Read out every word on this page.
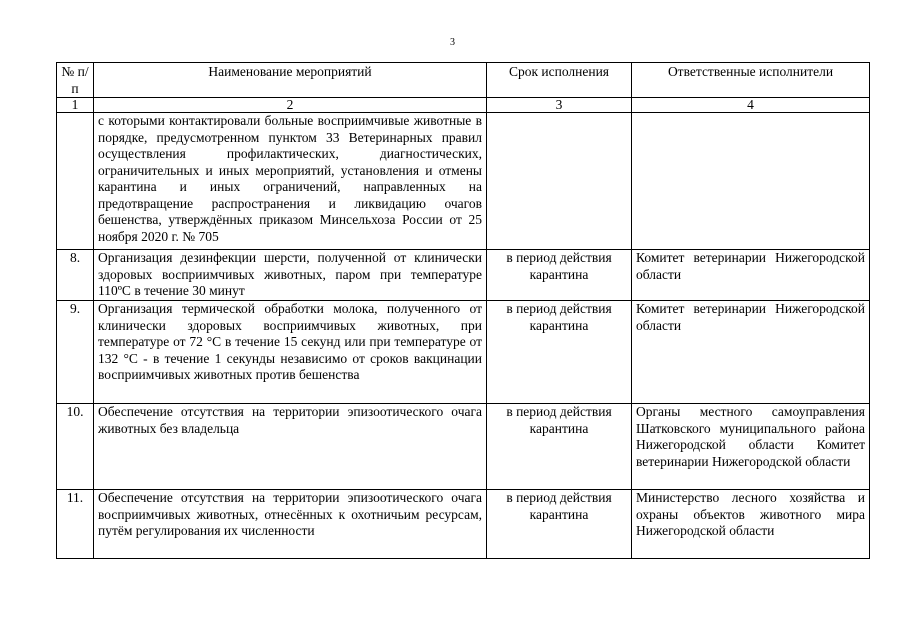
3
№ п/п	Наименование мероприятий	Срок исполнения	Ответственные исполнители
1	2	3	4
	с которыми контактировали больные восприимчивые животные в порядке, предусмотренном пунктом 33 Ветеринарных правил осуществления профилактических, диагностических, ограничительных и иных мероприятий, установления и отмены карантина и иных ограничений, направленных на предотвращение распространения и ликвидацию очагов бешенства, утверждённых приказом Минсельхоза России от 25 ноября 2020 г. № 705		
8.	Организация дезинфекции шерсти, полученной от клинически здоровых восприимчивых животных, паром при температуре 110ºС в течение 30 минут	в период действия карантина	Комитет ветеринарии Нижегородской области
9.	Организация термической обработки молока, полученного от клинически здоровых восприимчивых животных, при температуре от 72 °С в течение 15 секунд или при температуре от 132 °С - в течение 1 секунды независимо от сроков вакцинации восприимчивых животных против бешенства	в период действия карантина	Комитет ветеринарии Нижегородской области
10.	Обеспечение отсутствия на территории эпизоотического очага животных без владельца	в период действия карантина	Органы местного самоуправления Шатковского муниципального района Нижегородской области Комитет ветеринарии Нижегородской области
11.	Обеспечение отсутствия на территории эпизоотического очага восприимчивых животных, отнесённых к охотничьим ресурсам, путём регулирования их численности	в период действия карантина	Министерство лесного хозяйства и охраны объектов животного мира Нижегородской области
